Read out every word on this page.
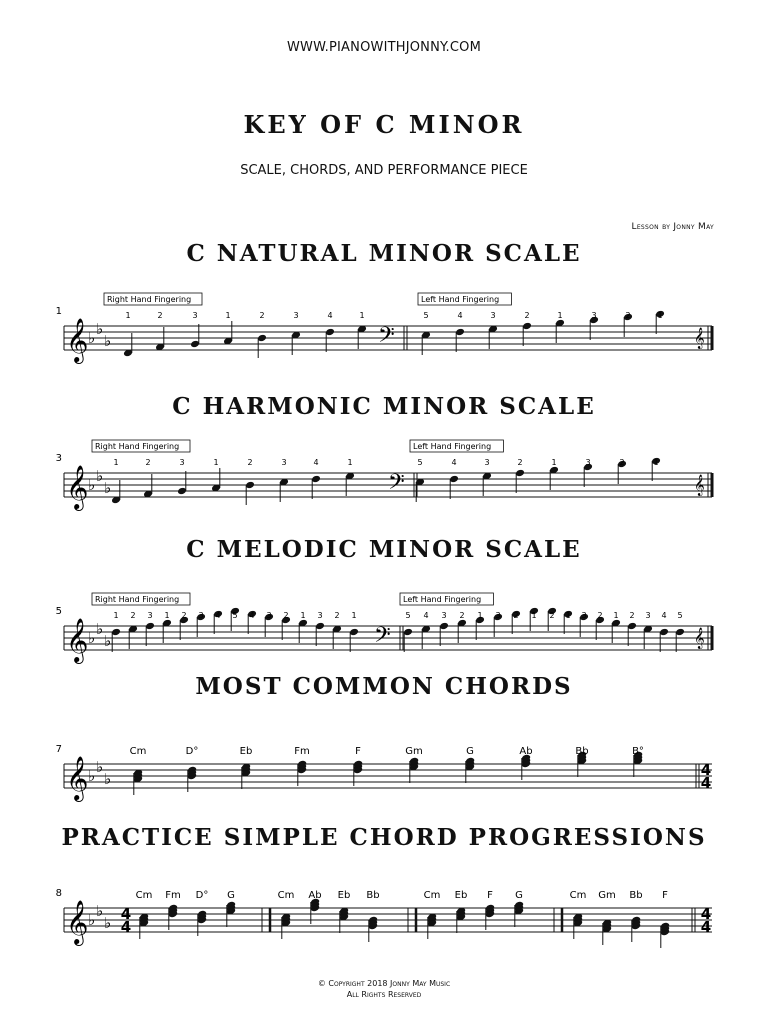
WWW.PIANOWITHJONNY.COM
KEY OF C MINOR
SCALE, CHORDS, AND PERFORMANCE PIECE
Lesson by Jonny May
C NATURAL MINOR SCALE
C HARMONIC MINOR SCALE
C MELODIC MINOR SCALE
MOST COMMON CHORDS
PRACTICE SIMPLE CHORD PROGRESSIONS
𝄞 ♭ ♭
♭
1
Right Hand Fingering	Left Hand Fingering
1	2	3	1	2	3	4	1	5	4	3	2	1	3	2	1
𝄢	𝄞
𝄞 ♭ ♭
♭
3
Right Hand Fingering	Left Hand Fingering
1	2	3	1	2	3	4	1	5	4	3	2	1	3	2	1
𝄢	𝄞
𝄞 ♭ ♭
♭
5
Right Hand Fingering	Left Hand Fingering
1 2 3 1 2 3 4 5 4 3 2 1 3 2 1	5 4 3 2 1 3 2 1 2 1 3 2 1 2 3 4 5
𝄢	𝄞
𝄞 ♭ ♭
♭
7	Cm	D°	Eb	Fm	F	Gm	G	Ab	Bb	B°
4
4
𝄞 ♭ ♭
♭
8
4
4
Cm Fm D° G	Cm Ab Eb Bb	Cm Eb F G	Cm Gm Bb F
4
4
© Copyright 2018 Jonny May Music
All Rights Reserved
